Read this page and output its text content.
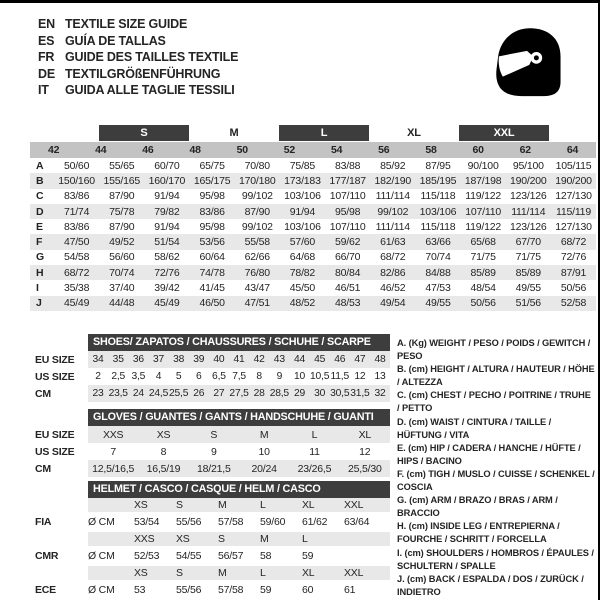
EN TEXTILE SIZE GUIDE
ES GUÍA DE TALLAS
FR GUIDE DES TAILLES TEXTILE
DE TEXTILGRÖßENFÜHRUNG
IT	GUIDA ALLE TAGLIE TESSILI
S	M	L	XL	XXL
42	44	46	48	50	52	54	56	58	60	62	64
A	50/60	55/65	60/70	65/75	70/80	75/85	83/88	85/92	87/95	90/100	95/100	105/115
B	150/160 155/165 160/170 165/175 170/180 173/183 177/187 182/190 185/195 187/198 190/200 190/200
C	83/86	87/90	91/94	95/98	99/102	103/106 107/110 111/114	115/118 119/122 123/126 127/130
D	71/74	75/78	79/82	83/86	87/90	91/94	95/98	99/102	103/106 107/110 111/114	115/119
E	83/86	87/90	91/94	95/98	99/102	103/106 107/110 111/114	115/118 119/122 123/126 127/130
F	47/50	49/52	51/54	53/56	55/58	57/60	59/62	61/63	63/66	65/68	67/70	68/72
G	54/58	56/60	58/62	60/64	62/66	64/68	66/70	68/72	70/74	71/75	71/75	72/76
H	68/72	70/74	72/76	74/78	76/80	78/82	80/84	82/86	84/88	85/89	85/89	87/91
I	35/38	37/40	39/42	41/45	43/47	45/50	46/51	46/52	47/53	48/54	49/55	50/56
J	45/49	44/48	45/49	46/50	47/51	48/52	48/53	49/54	49/55	50/56	51/56	52/58
SHOES/ ZAPATOS / CHAUSSURES / SCHUHE / SCARPE
EU SIZE	34 35 36 37 38 39 40 41 42 43 44 45 46 47 48
US SIZE	2	2,5 3,5	4	5	6	6,5 7,5	8	9	10 10,5 11,5 12 13
CM	23 23,5 24 24,5 25,5 26 27 27,5 28 28,5 29 30 30,5 31,5 32
GLOVES / GUANTES / GANTS / HANDSCHUHE / GUANTI
EU SIZE	XXS	XS	S	M	L	XL
US SIZE	7	8	9	10	11	12
CM	12,5/16,5	16,5/19	18/21,5	20/24	23/26,5	25,5/30
HELMET / CASCO / CASQUE / HELM / CASCO
XS	S	M	L	XL	XXL
FIA	Ø CM	53/54	55/56	57/58	59/60	61/62	63/64
XXS	XS	S	M	L
CMR	Ø CM	52/53	54/55	56/57	58	59
XS	S	M	L	XL	XXL
ECE	Ø CM	53	55/56	57/58	59	60	61
A. (Kg) WEIGHT / PESO / POIDS / GEWITCH / PESO
B. (cm) HEIGHT / ALTURA / HAUTEUR / HÖHE / ALTEZZA
C. (cm) CHEST / PECHO / POITRINE / TRUHE / PETTO
D. (cm) WAIST / CINTURA / TAILLE / HÜFTUNG / VITA
E. (cm) HIP / CADERA / HANCHE / HÜFTE / HIPS / BACINO
F. (cm) TIGH / MUSLO / CUISSE / SCHENKEL / COSCIA
G. (cm) ARM / BRAZO / BRAS / ARM / BRACCIO
H. (cm) INSIDE LEG / ENTREPIERNA / FOURCHE / SCHRITT / FORCELLA
I. (cm) SHOULDERS / HOMBROS / ÉPAULES / SCHULTERN / SPALLE
J. (cm) BACK / ESPALDA / DOS / ZURÜCK / INDIETRO
